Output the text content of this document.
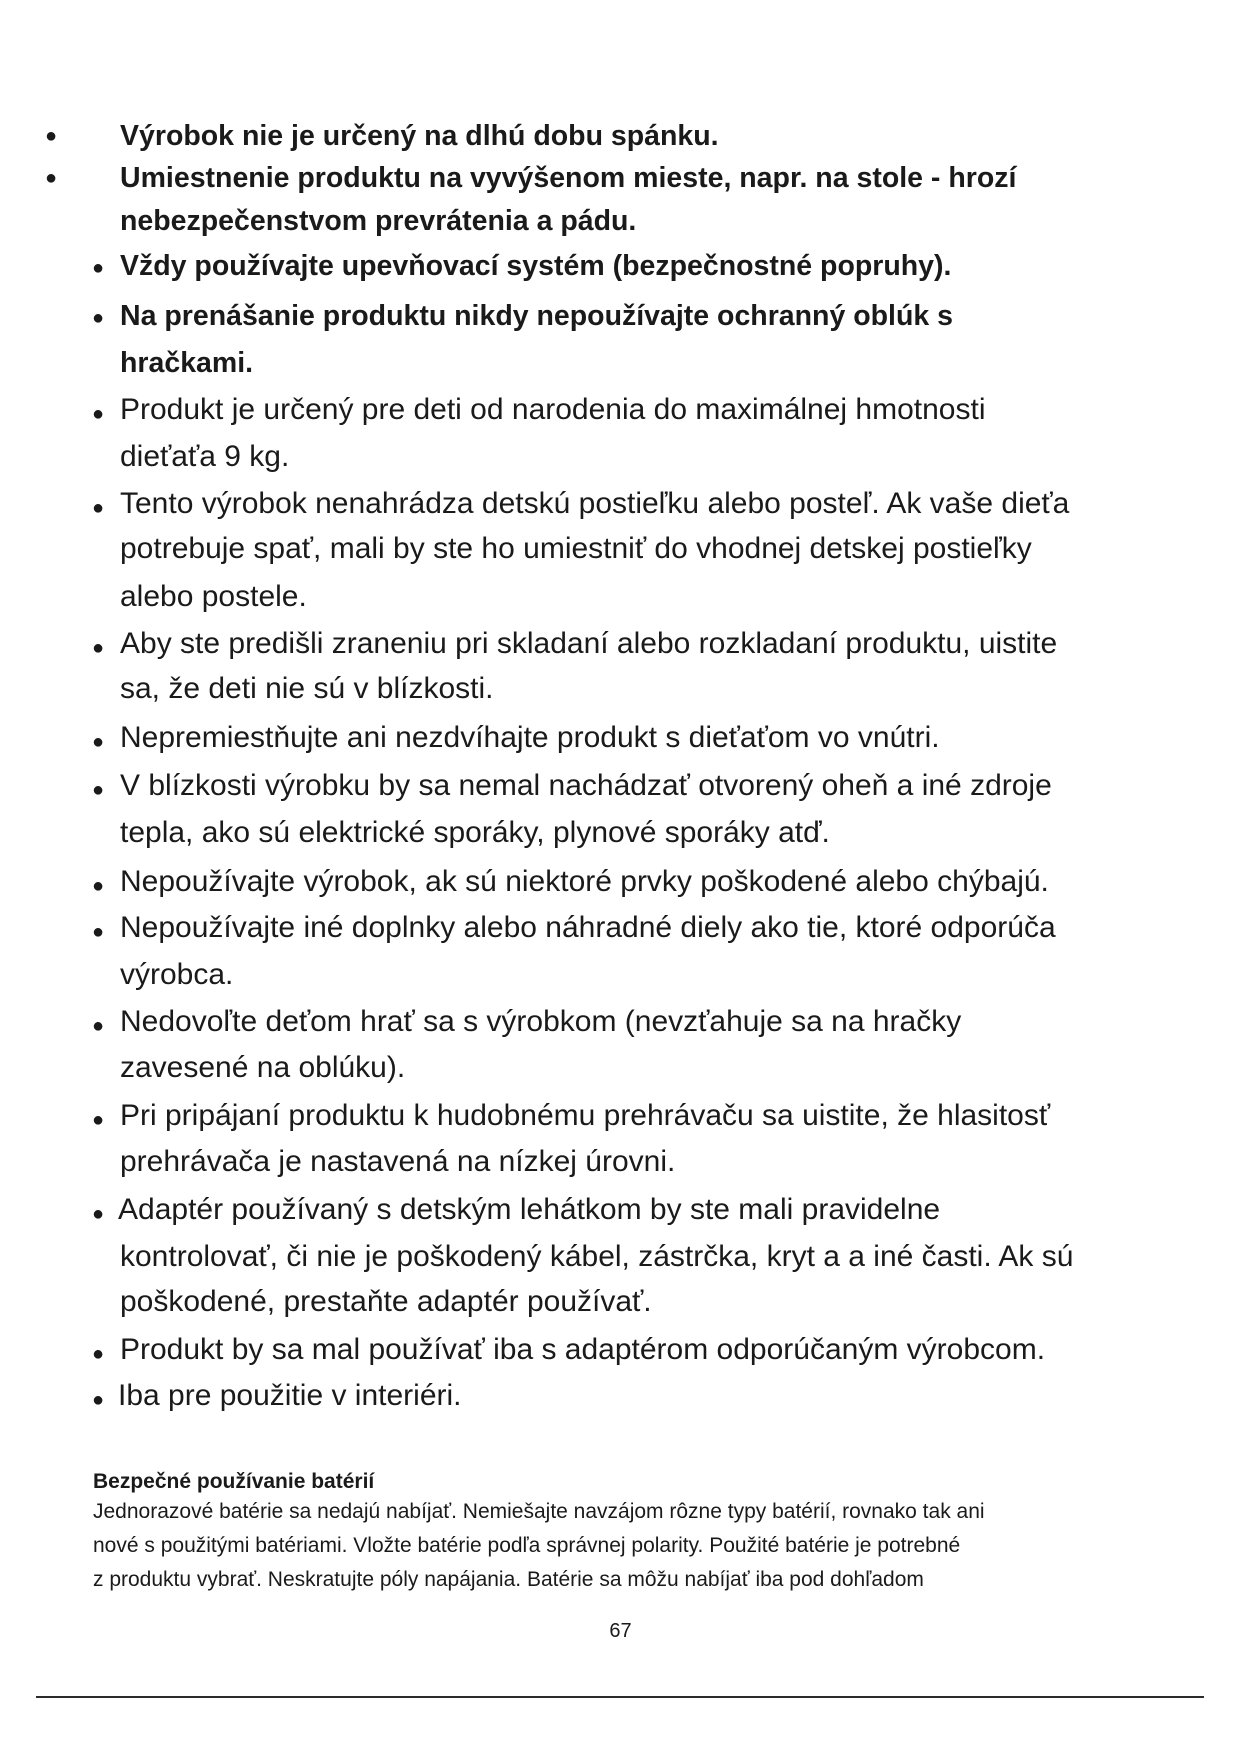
● Výrobok nie je určený na dlhú dobu spánku.
● Umiestnenie produktu na vyvýšenom mieste, napr. na stole - hrozí
nebezpečenstvom prevrátenia a pádu.
● Vždy používajte upevňovací systém (bezpečnostné popruhy).
● Na prenášanie produktu nikdy nepoužívajte ochranný oblúk s
hračkami.
● Produkt je určený pre deti od narodenia do maximálnej hmotnosti
dieťaťa 9 kg.
● Tento výrobok nenahrádza detskú postieľku alebo posteľ. Ak vaše dieťa
potrebuje spať, mali by ste ho umiestniť do vhodnej detskej postieľky
alebo postele.
● Aby ste predišli zraneniu pri skladaní alebo rozkladaní produktu, uistite
sa, že deti nie sú v blízkosti.
● Nepremiestňujte ani nezdvíhajte produkt s dieťaťom vo vnútri.
● V blízkosti výrobku by sa nemal nachádzať otvorený oheň a iné zdroje
tepla, ako sú elektrické sporáky, plynové sporáky atď.
● Nepoužívajte výrobok, ak sú niektoré prvky poškodené alebo chýbajú.
● Nepoužívajte iné doplnky alebo náhradné diely ako tie, ktoré odporúča
výrobca.
● Nedovoľte deťom hrať sa s výrobkom (nevzťahuje sa na hračky
zavesené na oblúku).
● Pri pripájaní produktu k hudobnému prehrávaču sa uistite, že hlasitosť
prehrávača je nastavená na nízkej úrovni.
● Adaptér používaný s detským lehátkom by ste mali pravidelne
kontrolovať, či nie je poškodený kábel, zástrčka, kryt a a iné časti. Ak sú
poškodené, prestaňte adaptér používať.
● Produkt by sa mal používať iba s adaptérom odporúčaným výrobcom.
● Iba pre použitie v interiéri.
Bezpečné používanie batérií
Jednorazové batérie sa nedajú nabíjať. Nemiešajte navzájom rôzne typy batérií, rovnako tak ani
nové s použitými batériami. Vložte batérie podľa správnej polarity. Použité batérie je potrebné
z produktu vybrať. Neskratujte póly napájania. Batérie sa môžu nabíjať iba pod dohľadom
67
